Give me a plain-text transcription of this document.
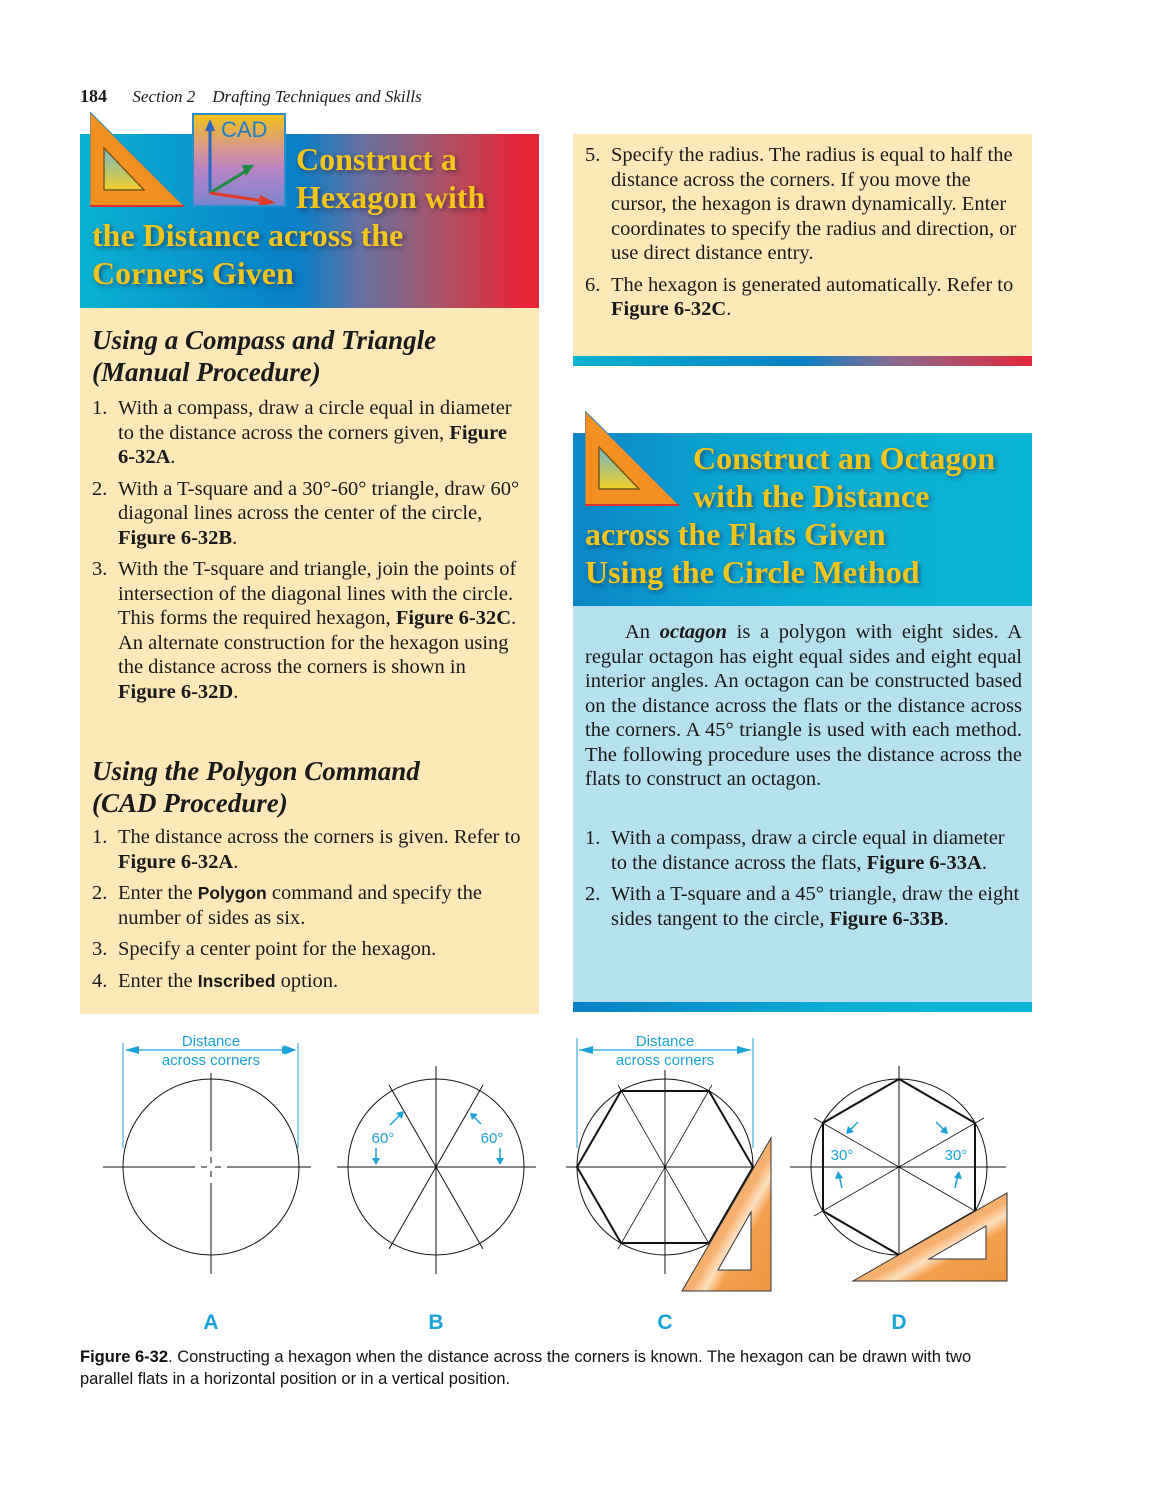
184 Section 2    Drafting Techniques and Skills
Construct a
Hexagon with
the Distance across the
Corners Given
CAD
Using a Compass and Triangle
(Manual Procedure)
1. With a compass, draw a circle equal in diameter to the distance across the corners given, Figure 6-32A.
2. With a T-square and a 30°-60° triangle, draw 60° diagonal lines across the center of the circle, Figure 6-32B.
3. With the T-square and triangle, join the points of intersection of the diagonal lines with the circle. This forms the required hexagon, Figure 6-32C. An alternate construction for the hexagon using the distance across the corners is shown in Figure 6-32D.
Using the Polygon Command
(CAD Procedure)
1. The distance across the corners is given. Refer to Figure 6-32A.
2. Enter the Polygon command and specify the number of sides as six.
3. Specify a center point for the hexagon.
4. Enter the Inscribed option.
5. Specify the radius. The radius is equal to half the distance across the corners. If you move the cursor, the hexagon is drawn dynamically. Enter coordinates to specify the radius and direction, or use direct distance entry.
6. The hexagon is generated automatically. Refer to Figure 6-32C.
Construct an Octagon
with the Distance
across the Flats Given
Using the Circle Method
An octagon is a polygon with eight sides. A regular octagon has eight equal sides and eight equal interior angles. An octagon can be constructed based on the distance across the flats or the distance across the corners. A 45° triangle is used with each method. The following procedure uses the distance across the flats to construct an octagon.
1. With a compass, draw a circle equal in diameter to the distance across the flats, Figure 6-33A.
2. With a T-square and a 45° triangle, draw the eight sides tangent to the circle, Figure 6-33B.
Distance
across corners
A
60°	60°
B
Distance
across corners
C
30°	30°
D
Figure 6-32. Constructing a hexagon when the distance across the corners is known. The hexagon can be drawn with two parallel flats in a horizontal position or in a vertical position.
